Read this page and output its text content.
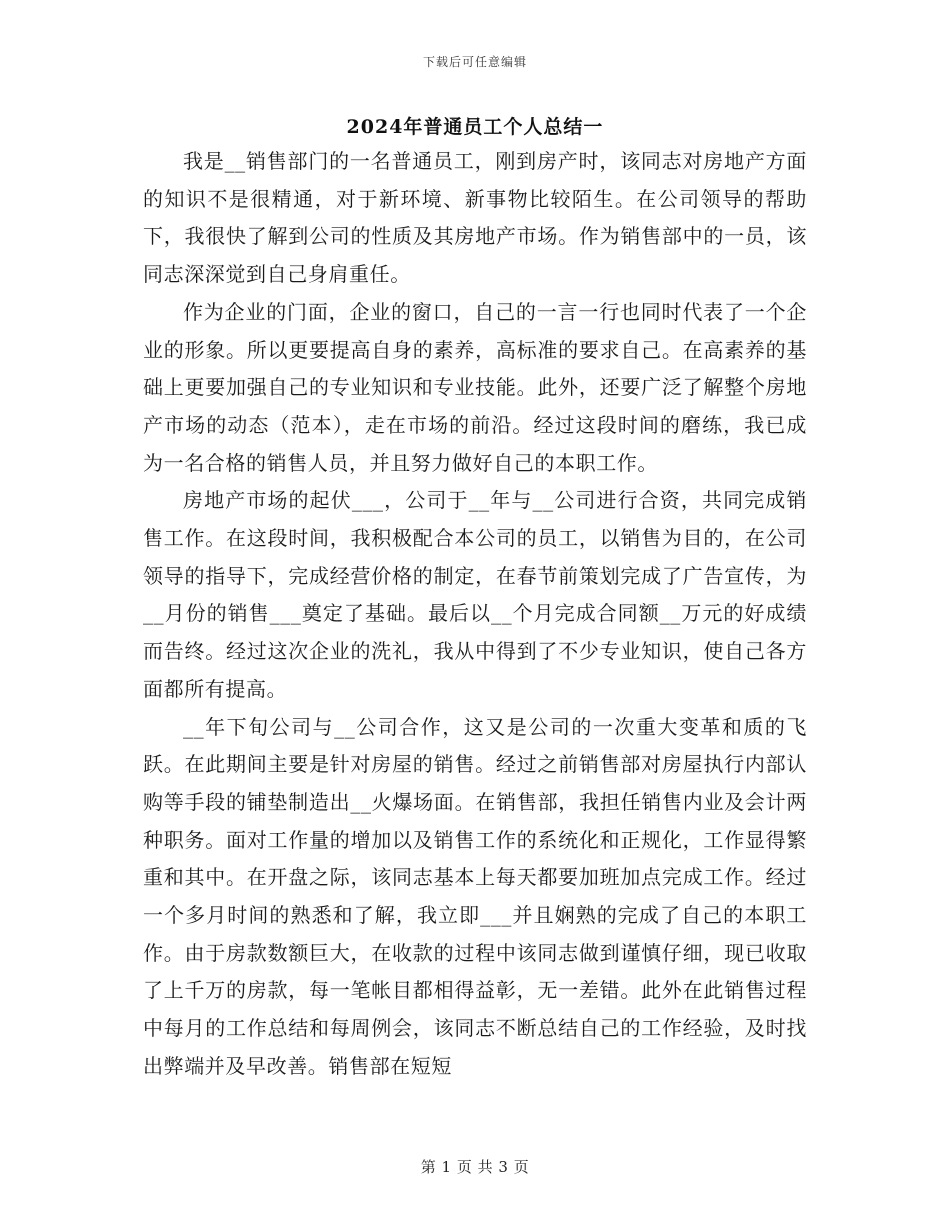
下载后可任意编辑
2024年普通员工个人总结一

我是__销售部门的一名普通员工，刚到房产时，该同志对房地产方面的知识不是很精通，对于新环境、新事物比较陌生。在公司领导的帮助下，我很快了解到公司的性质及其房地产市场。作为销售部中的一员，该同志深深觉到自己身肩重任。

作为企业的门面，企业的窗口，自己的一言一行也同时代表了一个企业的形象。所以更要提高自身的素养，高标准的要求自己。在高素养的基础上更要加强自己的专业知识和专业技能。此外，还要广泛了解整个房地产市场的动态（范本），走在市场的前沿。经过这段时间的磨练，我已成为一名合格的销售人员，并且努力做好自己的本职工作。

房地产市场的起伏___，公司于__年与__公司进行合资，共同完成销售工作。在这段时间，我积极配合本公司的员工，以销售为目的，在公司领导的指导下，完成经营价格的制定，在春节前策划完成了广告宣传，为__月份的销售___奠定了基础。最后以__个月完成合同额__万元的好成绩而告终。经过这次企业的洗礼，我从中得到了不少专业知识，使自己各方面都所有提高。

__年下旬公司与__公司合作，这又是公司的一次重大变革和质的飞跃。在此期间主要是针对房屋的销售。经过之前销售部对房屋执行内部认购等手段的铺垫制造出__火爆场面。在销售部，我担任销售内业及会计两种职务。面对工作量的增加以及销售工作的系统化和正规化，工作显得繁重和其中。在开盘之际，该同志基本上每天都要加班加点完成工作。经过一个多月时间的熟悉和了解，我立即___并且娴熟的完成了自己的本职工作。由于房款数额巨大，在收款的过程中该同志做到谨慎仔细，现已收取了上千万的房款，每一笔帐目都相得益彰，无一差错。此外在此销售过程中每月的工作总结和每周例会，该同志不断总结自己的工作经验，及时找出弊端并及早改善。销售部在短短

第 1 页 共 3 页
